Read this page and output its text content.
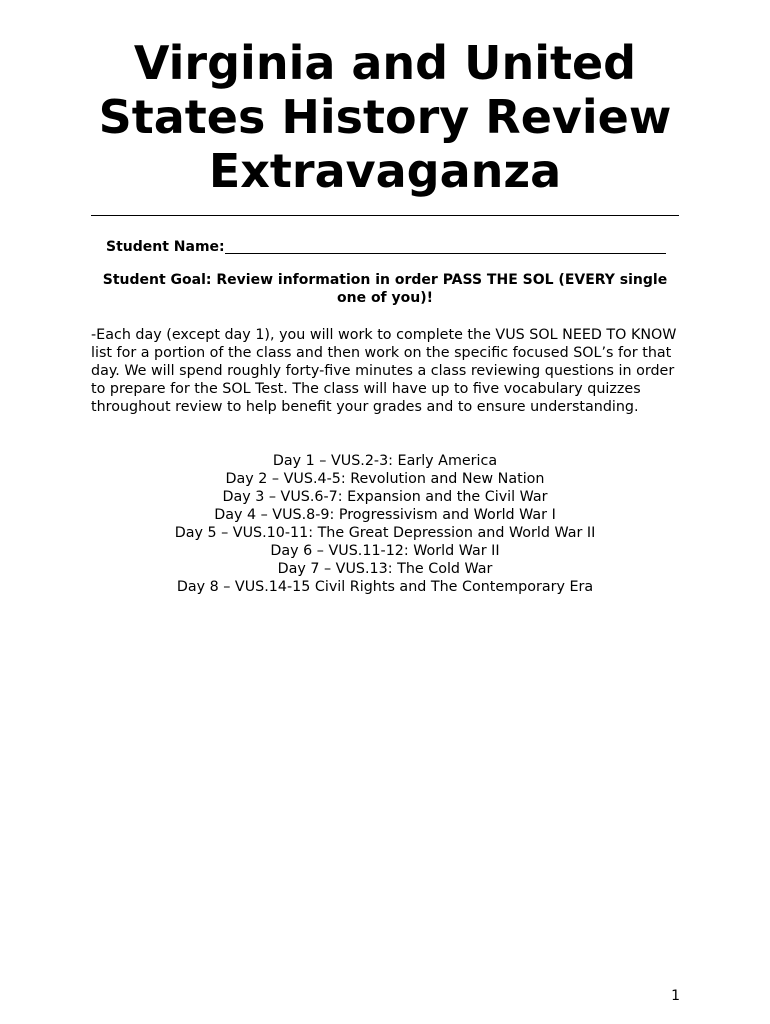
Virginia and United
States History Review
Extravaganza
Student Name:

Student Goal: Review information in order PASS THE SOL (EVERY single one of you)!

-Each day (except day 1), you will work to complete the VUS SOL NEED TO KNOW list for a portion of the class and then work on the specific focused SOL’s for that day. We will spend roughly forty-five minutes a class reviewing questions in order to prepare for the SOL Test. The class will have up to five vocabulary quizzes throughout review to help benefit your grades and to ensure understanding.

Day 1 – VUS.2-3: Early America
Day 2 – VUS.4-5: Revolution and New Nation
Day 3 – VUS.6-7: Expansion and the Civil War
Day 4 – VUS.8-9: Progressivism and World War I
Day 5 – VUS.10-11: The Great Depression and World War II
Day 6 – VUS.11-12: World War II
Day 7 – VUS.13: The Cold War
Day 8 – VUS.14-15 Civil Rights and The Contemporary Era
1
